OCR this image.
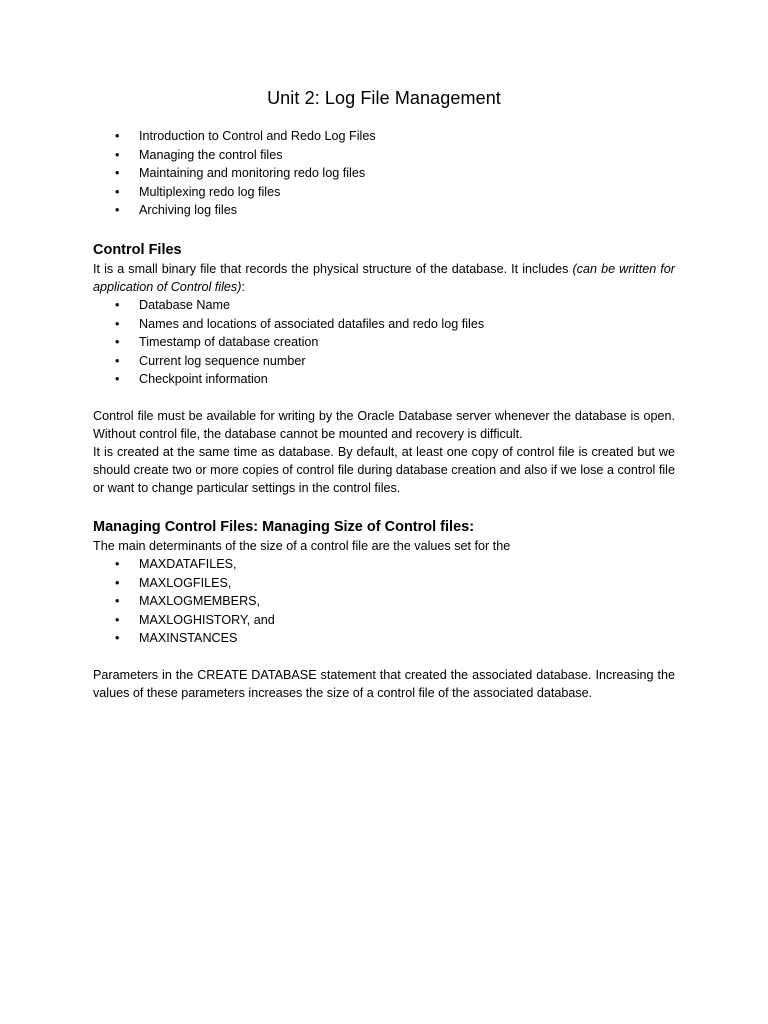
Unit 2: Log File Management
• Introduction to Control and Redo Log Files
• Managing the control files
• Maintaining and monitoring redo log files
• Multiplexing redo log files
• Archiving log files
Control Files

It is a small binary file that records the physical structure of the database. It includes (can be written for application of Control files):

• Database Name
• Names and locations of associated datafiles and redo log files
• Timestamp of database creation
• Current log sequence number
• Checkpoint information

Control file must be available for writing by the Oracle Database server whenever the database is open. Without control file, the database cannot be mounted and recovery is difficult.

It is created at the same time as database. By default, at least one copy of control file is created but we should create two or more copies of control file during database creation and also if we lose a control file or want to change particular settings in the control files.

Managing Control Files: Managing Size of Control files:

The main determinants of the size of a control file are the values set for the

• MAXDATAFILES,
• MAXLOGFILES,
• MAXLOGMEMBERS,
• MAXLOGHISTORY, and
• MAXINSTANCES

Parameters in the CREATE DATABASE statement that created the associated database. Increasing the values of these parameters increases the size of a control file of the associated database.
